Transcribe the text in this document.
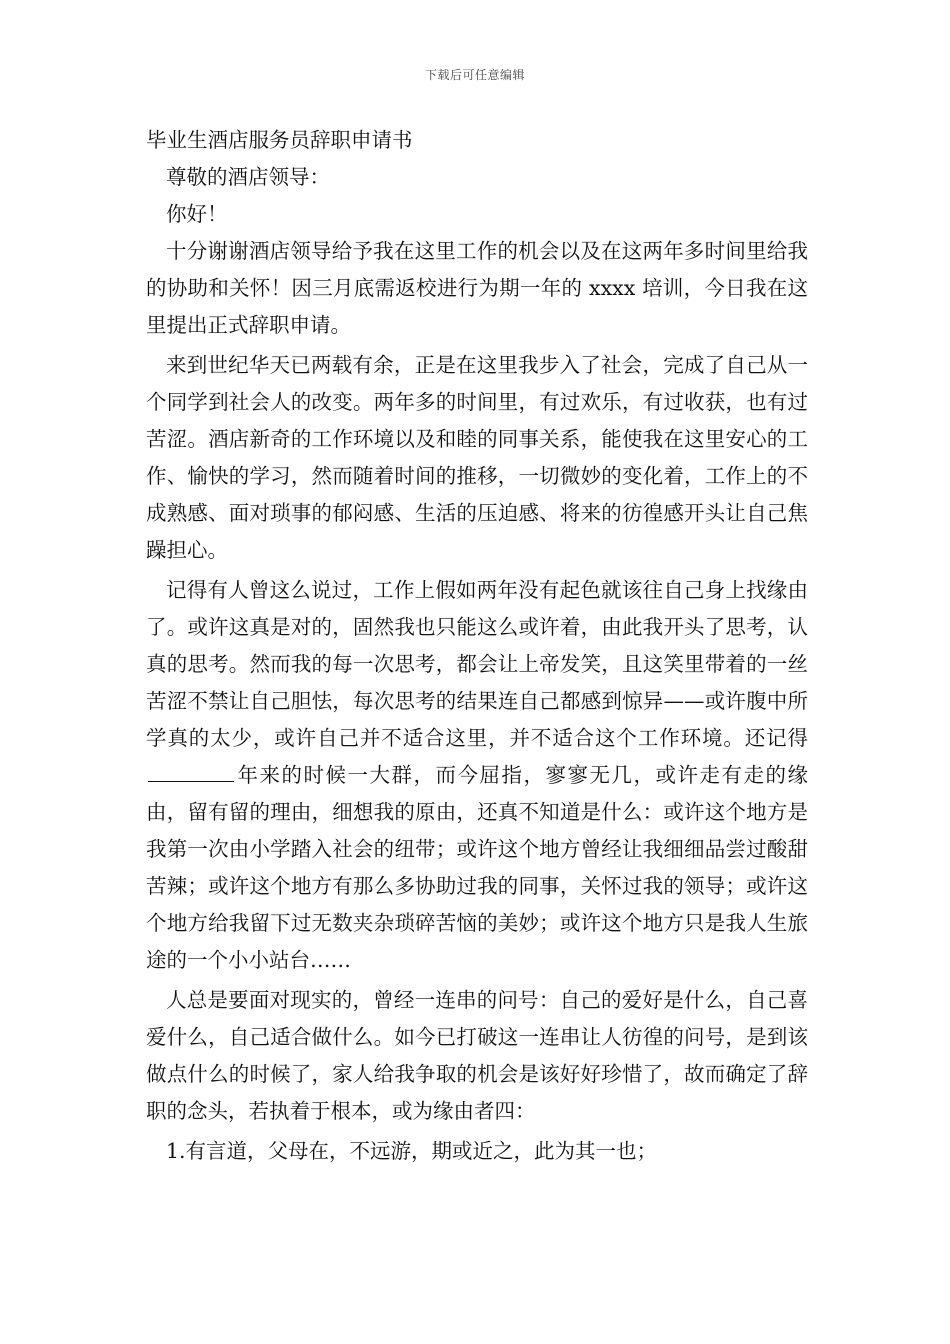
下载后可任意编辑

毕业生酒店服务员辞职申请书

尊敬的酒店领导：

你好！

十分谢谢酒店领导给予我在这里工作的机会以及在这两年多时间里给我的协助和关怀！因三月底需返校进行为期一年的 xxxx 培训，今日我在这里提出正式辞职申请。

来到世纪华天已两载有余，正是在这里我步入了社会，完成了自己从一个同学到社会人的改变。两年多的时间里，有过欢乐，有过收获，也有过苦涩。酒店新奇的工作环境以及和睦的同事关系，能使我在这里安心的工作、愉快的学习，然而随着时间的推移，一切微妙的变化着，工作上的不成熟感、面对琐事的郁闷感、生活的压迫感、将来的彷徨感开头让自己焦躁担心。

记得有人曾这么说过，工作上假如两年没有起色就该往自己身上找缘由了。或许这真是对的，固然我也只能这么或许着，由此我开头了思考，认真的思考。然而我的每一次思考，都会让上帝发笑，且这笑里带着的一丝苦涩不禁让自己胆怯，每次思考的结果连自己都感到惊异——或许腹中所学真的太少，或许自己并不适合这里，并不适合这个工作环境。还记得年来的时候一大群，而今屈指，寥寥无几，或许走有走的缘由，留有留的理由，细想我的原由，还真不知道是什么：或许这个地方是我第一次由小学踏入社会的纽带；或许这个地方曾经让我细细品尝过酸甜苦辣；或许这个地方有那么多协助过我的同事，关怀过我的领导；或许这个地方给我留下过无数夹杂琐碎苦恼的美妙；或许这个地方只是我人生旅途的一个小小站台……

人总是要面对现实的，曾经一连串的问号：自己的爱好是什么，自己喜爱什么，自己适合做什么。如今已打破这一连串让人彷徨的问号，是到该做点什么的时候了，家人给我争取的机会是该好好珍惜了，故而确定了辞职的念头，若执着于根本，或为缘由者四：

1.有言道，父母在，不远游，期或近之，此为其一也；
